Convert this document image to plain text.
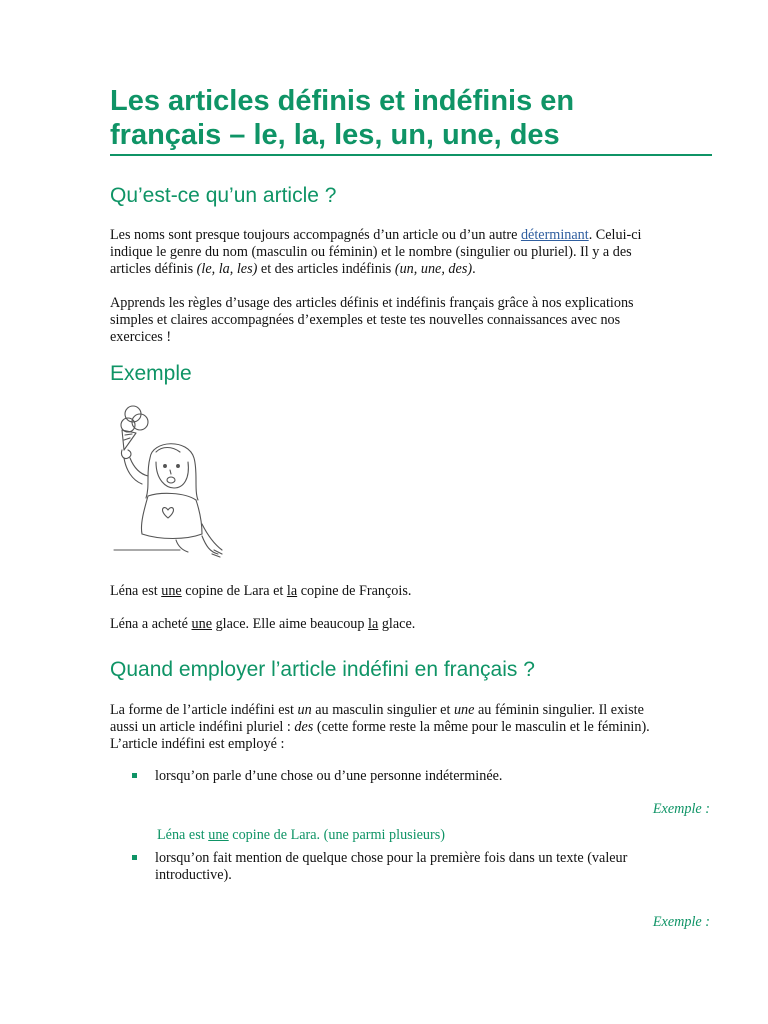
Les articles définis et indéfinis en
français – le, la, les, un, une, des
Qu’est-ce qu’un article ?

Les noms sont presque toujours accompagnés d’un article ou d’un autre déterminant. Celui-ci
indique le genre du nom (masculin ou féminin) et le nombre (singulier ou pluriel). Il y a des
articles définis (le, la, les) et des articles indéfinis (un, une, des).

Apprends les règles d’usage des articles définis et indéfinis français grâce à nos explications
simples et claires accompagnées d’exemples et teste tes nouvelles connaissances avec nos
exercices !

Exemple

Léna est une copine de Lara et la copine de François.

Léna a acheté une glace. Elle aime beaucoup la glace.

Quand employer l’article indéfini en français ?

La forme de l’article indéfini est un au masculin singulier et une au féminin singulier. Il existe
aussi un article indéfini pluriel : des (cette forme reste la même pour le masculin et le féminin).
L’article indéfini est employé :

lorsqu’on parle d’une chose ou d’une personne indéterminée.
Exemple :
Léna est une copine de Lara. (une parmi plusieurs)
lorsqu’on fait mention de quelque chose pour la première fois dans un texte (valeur
introductive).
Exemple :
